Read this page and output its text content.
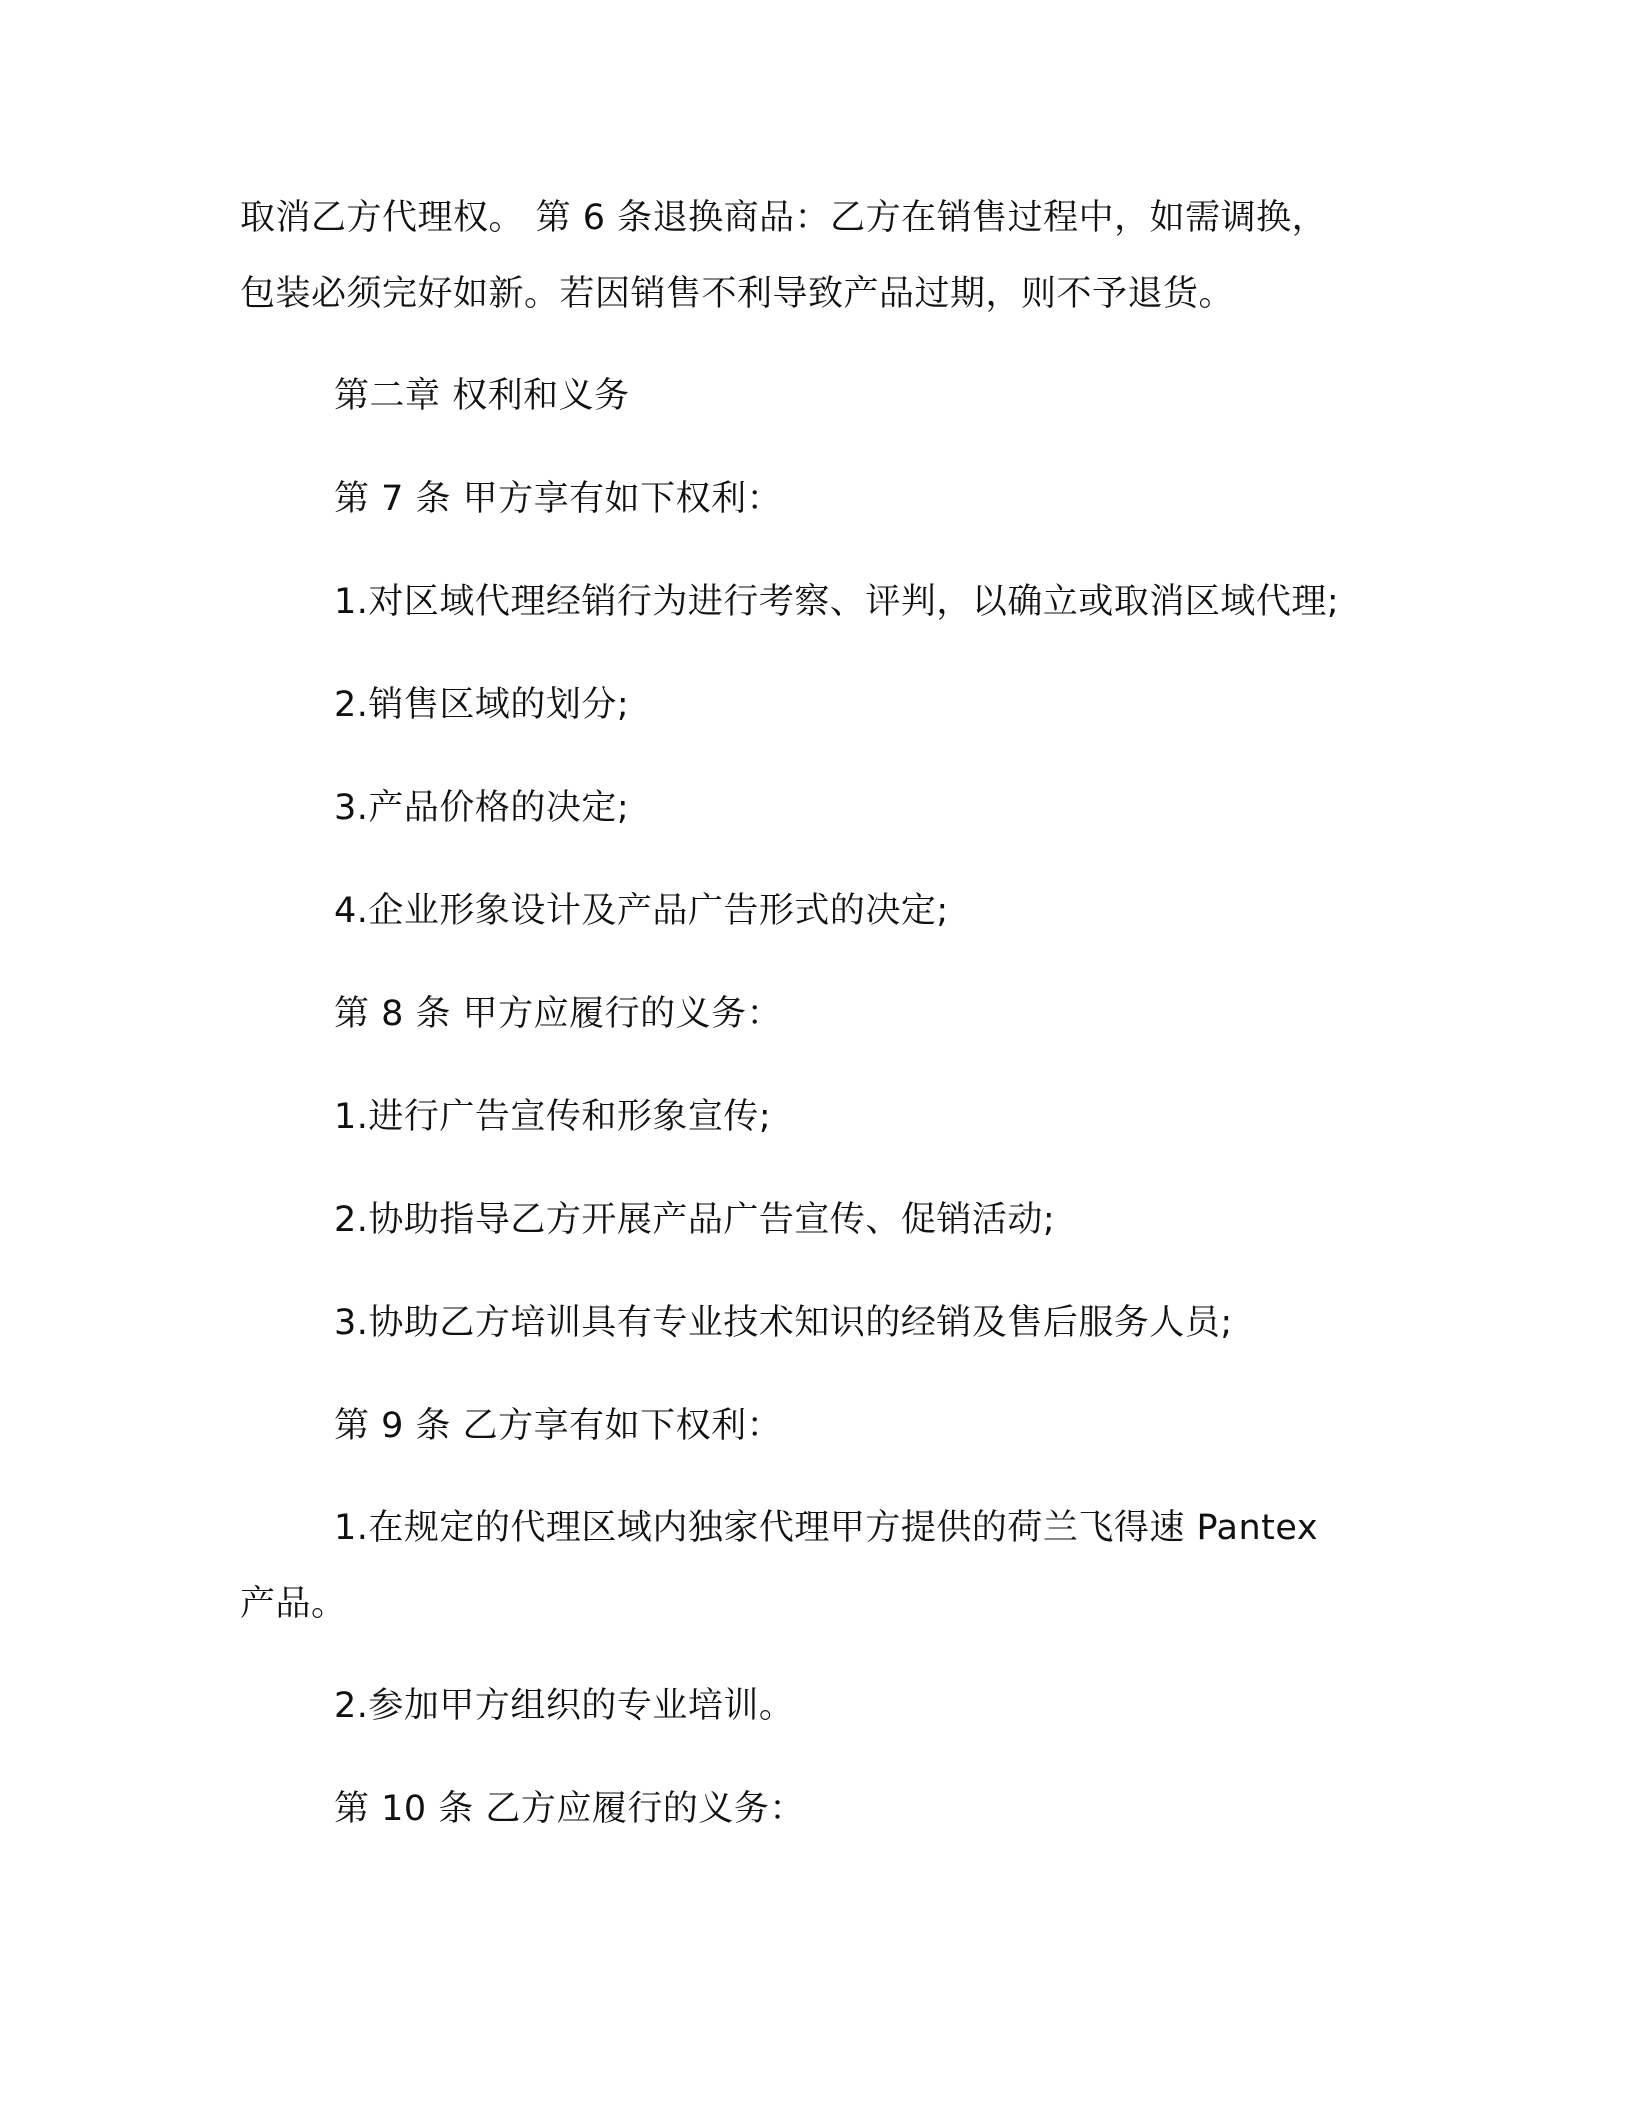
取消乙方代理权。 第 6 条退换商品：乙方在销售过程中，如需调换，
包装必须完好如新。若因销售不利导致产品过期，则不予退货。
第二章 权利和义务
第 7 条 甲方享有如下权利：
1.对区域代理经销行为进行考察、评判，以确立或取消区域代理;
2.销售区域的划分;
3.产品价格的决定;
4.企业形象设计及产品广告形式的决定;
第 8 条 甲方应履行的义务：
1.进行广告宣传和形象宣传;
2.协助指导乙方开展产品广告宣传、促销活动;
3.协助乙方培训具有专业技术知识的经销及售后服务人员;
第 9 条 乙方享有如下权利：
1.在规定的代理区域内独家代理甲方提供的荷兰飞得速 Pantex
产品。
2.参加甲方组织的专业培训。
第 10 条 乙方应履行的义务：
